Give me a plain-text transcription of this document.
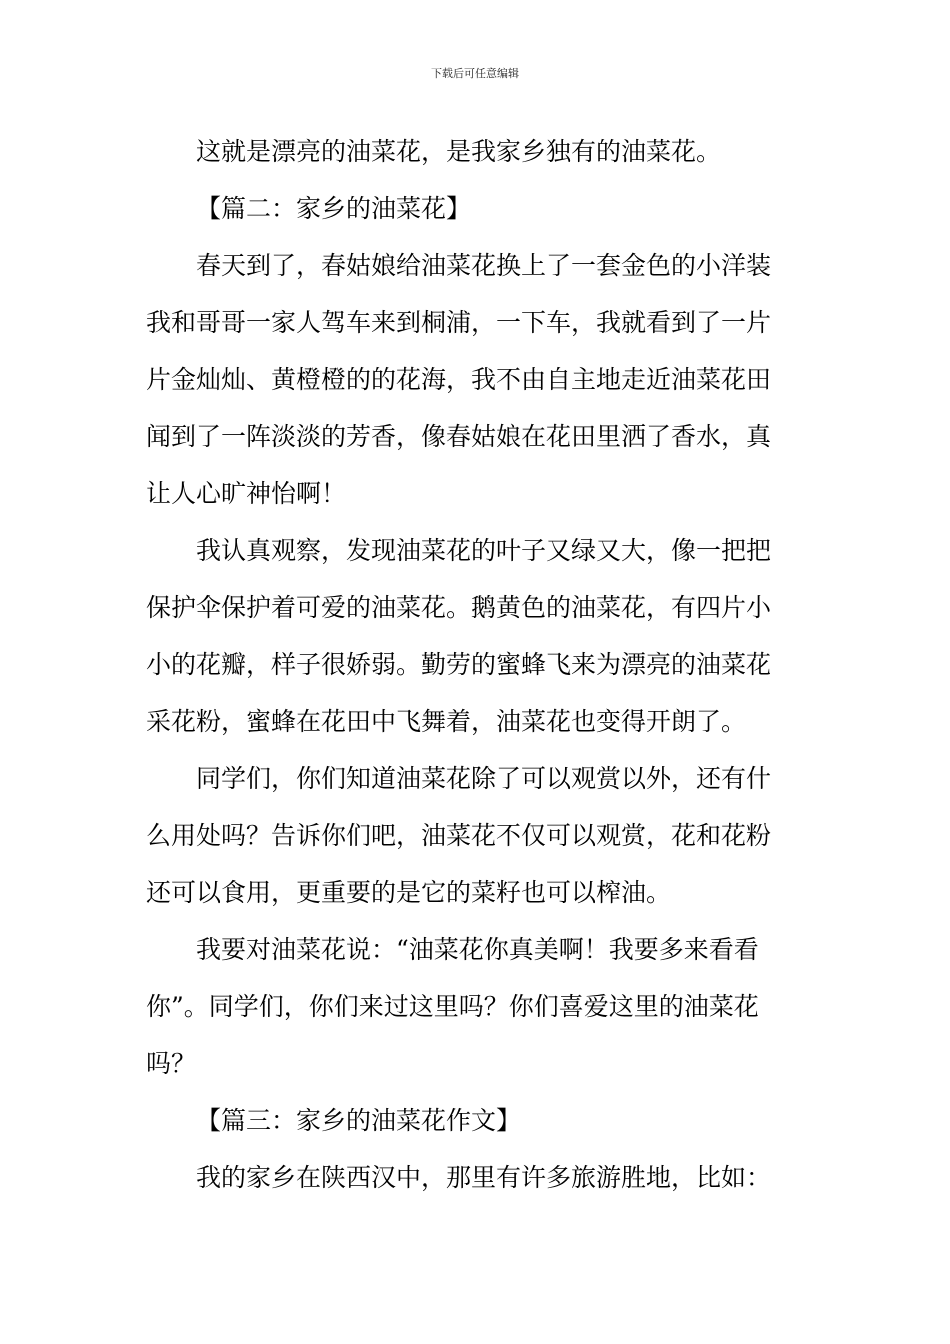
下载后可任意编辑
这就是漂亮的油菜花，是我家乡独有的油菜花。
【篇二：家乡的油菜花】
春天到了，春姑娘给油菜花换上了一套金色的小洋装
我和哥哥一家人驾车来到桐浦，一下车，我就看到了一片
片金灿灿、黄橙橙的的花海，我不由自主地走近油菜花田
闻到了一阵淡淡的芳香，像春姑娘在花田里洒了香水，真
让人心旷神怡啊！
我认真观察，发现油菜花的叶子又绿又大，像一把把
保护伞保护着可爱的油菜花。鹅黄色的油菜花，有四片小
小的花瓣，样子很娇弱。勤劳的蜜蜂飞来为漂亮的油菜花
采花粉，蜜蜂在花田中飞舞着，油菜花也变得开朗了。
同学们，你们知道油菜花除了可以观赏以外，还有什
么用处吗？告诉你们吧，油菜花不仅可以观赏，花和花粉
还可以食用，更重要的是它的菜籽也可以榨油。
我要对油菜花说：“油菜花你真美啊！我要多来看看
你”。同学们，你们来过这里吗？你们喜爱这里的油菜花
吗？
【篇三：家乡的油菜花作文】
我的家乡在陕西汉中，那里有许多旅游胜地，比如：
